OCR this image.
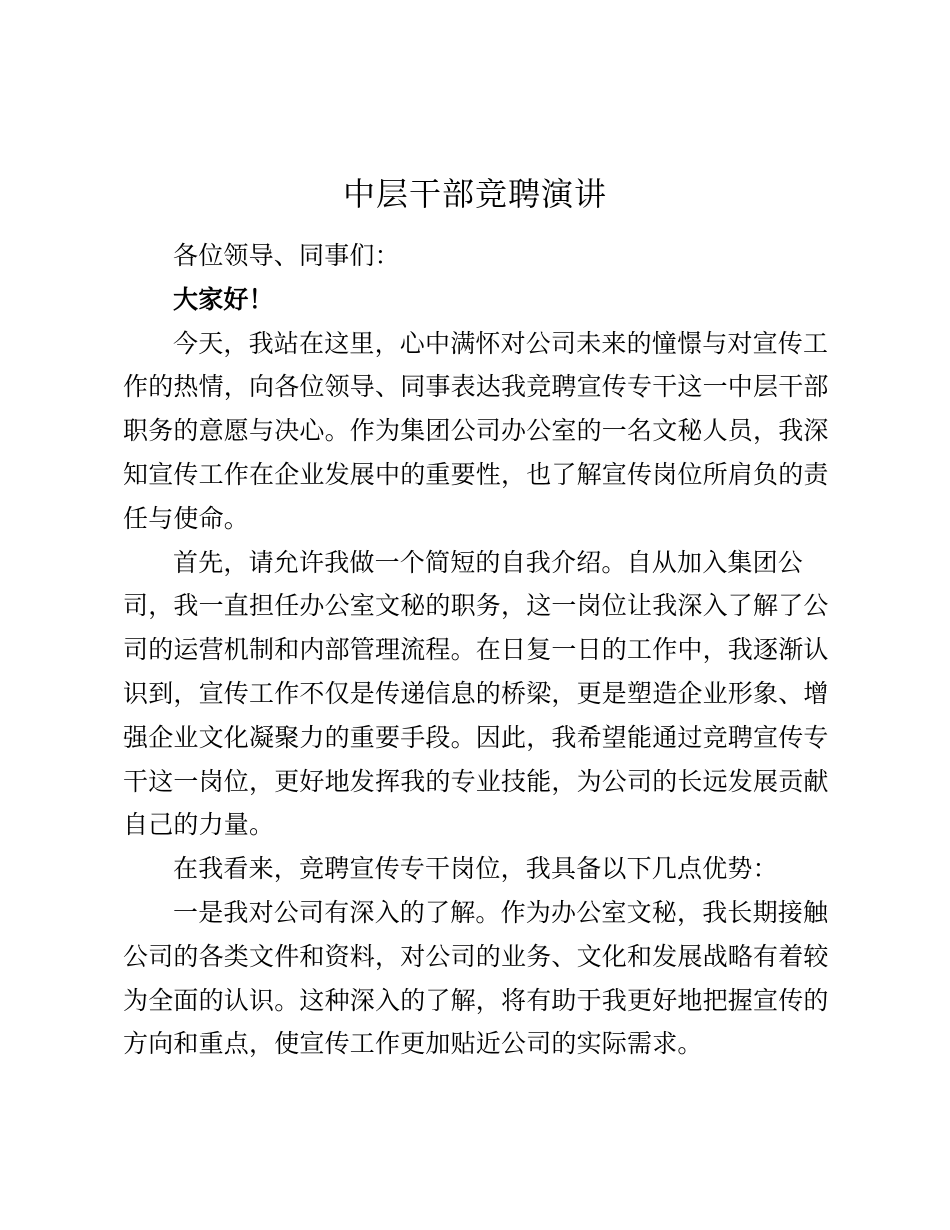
中层干部竞聘演讲
各位领导、同事们：
大家好！
今天，我站在这里，心中满怀对公司未来的憧憬与对宣传工
作的热情，向各位领导、同事表达我竞聘宣传专干这一中层干部
职务的意愿与决心。作为集团公司办公室的一名文秘人员，我深
知宣传工作在企业发展中的重要性，也了解宣传岗位所肩负的责
任与使命。
首先，请允许我做一个简短的自我介绍。自从加入集团公
司，我一直担任办公室文秘的职务，这一岗位让我深入了解了公
司的运营机制和内部管理流程。在日复一日的工作中，我逐渐认
识到，宣传工作不仅是传递信息的桥梁，更是塑造企业形象、增
强企业文化凝聚力的重要手段。因此，我希望能通过竞聘宣传专
干这一岗位，更好地发挥我的专业技能，为公司的长远发展贡献
自己的力量。
在我看来，竞聘宣传专干岗位，我具备以下几点优势：
一是我对公司有深入的了解。作为办公室文秘，我长期接触
公司的各类文件和资料，对公司的业务、文化和发展战略有着较
为全面的认识。这种深入的了解，将有助于我更好地把握宣传的
方向和重点，使宣传工作更加贴近公司的实际需求。
